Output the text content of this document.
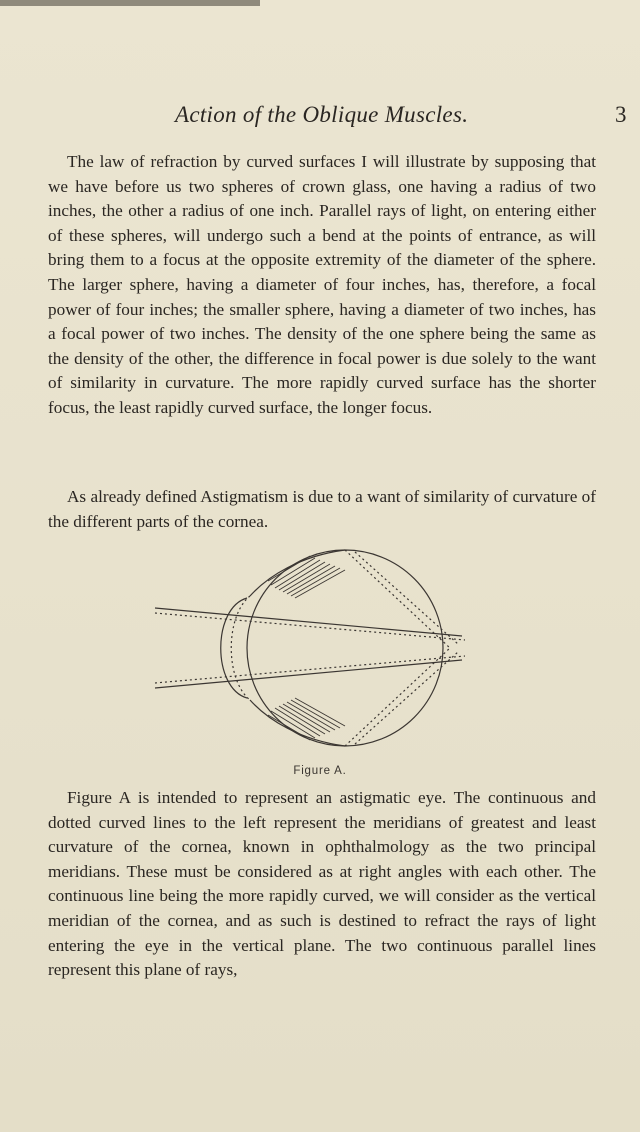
Action of the Oblique Muscles.	3

The law of refraction by curved surfaces I will illustrate by supposing that we have before us two spheres of crown glass, one having a radius of two inches, the other a radius of one inch. Parallel rays of light, on entering either of these spheres, will undergo such a bend at the points of entrance, as will bring them to a focus at the opposite extremity of the diameter of the sphere. The larger sphere, having a diameter of four inches, has, therefore, a focal power of four inches; the smaller sphere, having a diameter of two inches, has a focal power of two inches. The density of the one sphere being the same as the density of the other, the difference in focal power is due solely to the want of similarity in curvature. The more rapidly curved surface has the shorter focus, the least rapidly curved surface, the longer focus.

As already defined Astigmatism is due to a want of similarity of curvature of the different parts of the cornea.

Figure A.

Figure A is intended to represent an astigmatic eye. The continuous and dotted curved lines to the left represent the meridians of greatest and least curvature of the cornea, known in ophthalmology as the two principal meridians. These must be considered as at right angles with each other. The continuous line being the more rapidly curved, we will consider as the vertical meridian of the cornea, and as such is destined to refract the rays of light entering the eye in the vertical plane. The two continuous parallel lines represent this plane of rays,
